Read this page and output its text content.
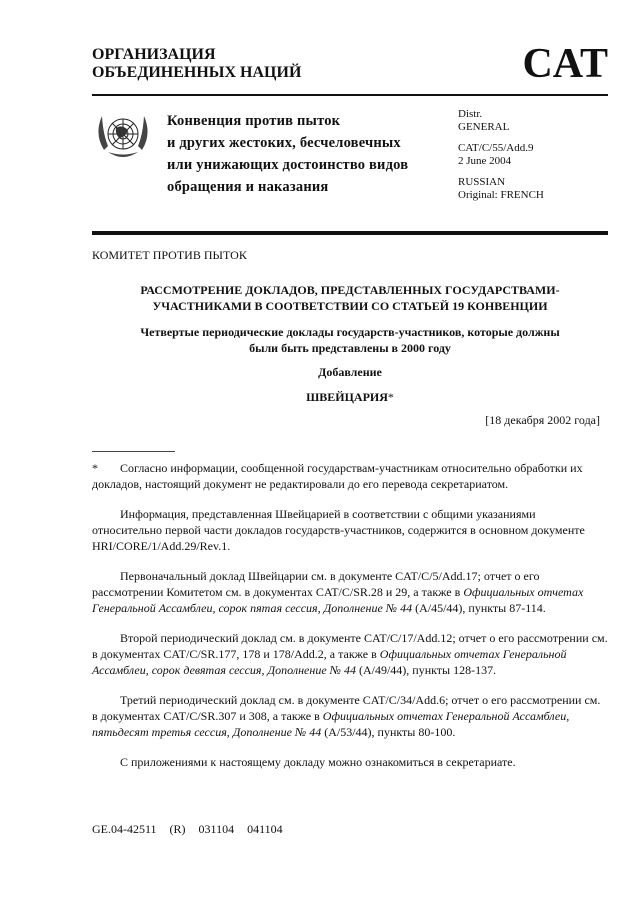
ОРГАНИЗАЦИЯ
ОБЪЕДИНЕННЫХ НАЦИЙ	CAT
Конвенция против пыток
и других жестоких, бесчеловечных
или унижающих достоинство видов
обращения и наказания

Distr.
GENERAL

CAT/C/55/Add.9
2 June 2004

RUSSIAN
Original: FRENCH

КОМИТЕТ ПРОТИВ ПЫТОК
РАССМОТРЕНИЕ ДОКЛАДОВ, ПРЕДСТАВЛЕННЫХ ГОСУДАРСТВАМИ-
УЧАСТНИКАМИ В СООТВЕТСТВИИ СО СТАТЬЕЙ 19 КОНВЕНЦИИ
Четвертые периодические доклады государств-участников, которые должны
были быть представлены в 2000 году
Добавление
ШВЕЙЦАРИЯ*
[18 декабря 2002 года]

* Согласно информации, сообщенной государствам-участникам относительно обработки их докладов, настоящий документ не редактировали до его перевода секретариатом.

Информация, представленная Швейцарией в соответствии с общими указаниями относительно первой части докладов государств-участников, содержится в основном документе HRI/CORE/1/Add.29/Rev.1.

Первоначальный доклад Швейцарии см. в документе CAT/C/5/Add.17; отчет о его рассмотрении Комитетом см. в документах CAT/C/SR.28 и 29, а также в Официальных отчетах Генеральной Ассамблеи, сорок пятая сессия, Дополнение № 44 (A/45/44), пункты 87-114.

Второй периодический доклад см. в документе CAT/C/17/Add.12; отчет о его рассмотрении см. в документах CAT/C/SR.177, 178 и 178/Add.2, а также в Официальных отчетах Генеральной Ассамблеи, сорок девятая сессия, Дополнение № 44 (A/49/44), пункты 128-137.

Третий периодический доклад см. в документе CAT/C/34/Add.6; отчет о его рассмотрении см. в документах CAT/C/SR.307 и 308, а также в Официальных отчетах Генеральной Ассамблеи, пятьдесят третья сессия, Дополнение № 44 (A/53/44), пункты 80-100.

С приложениями к настоящему докладу можно ознакомиться в секретариате.

GE.04-42511 (R) 031104 041104
